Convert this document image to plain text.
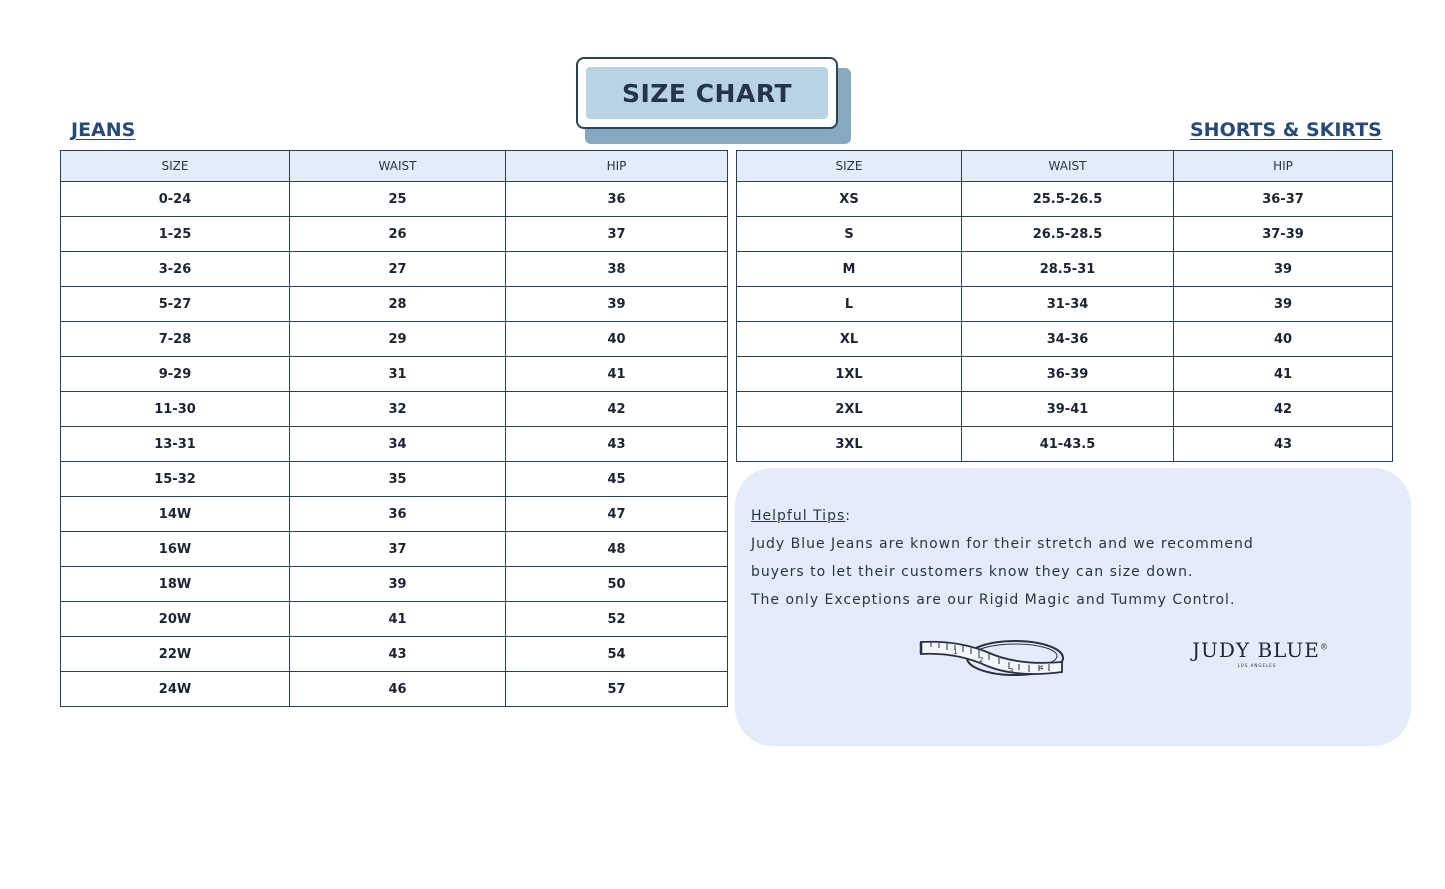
SIZE CHART
JEANS	SHORTS & SKIRTS
SIZE	WAIST	HIP
0-24	25	36
1-25	26	37
3-26	27	38
5-27	28	39
7-28	29	40
9-29	31	41
11-30	32	42
13-31	34	43
15-32	35	45
14W	36	47
16W	37	48
18W	39	50
20W	41	52
22W	43	54
24W	46	57
SIZE	WAIST	HIP
XS	25.5-26.5	36-37
S	26.5-28.5	37-39
M	28.5-31	39
L	31-34	39
XL	34-36	40
1XL	36-39	41
2XL	39-41	42
3XL	41-43.5	43
Helpful Tips:
Judy Blue Jeans are known for their stretch and we recommend
buyers to let their customers know they can size down.
The only Exceptions are our Rigid Magic and Tummy Control.
1
2
3	4
JUDY BLUE®
LOS ANGELES
